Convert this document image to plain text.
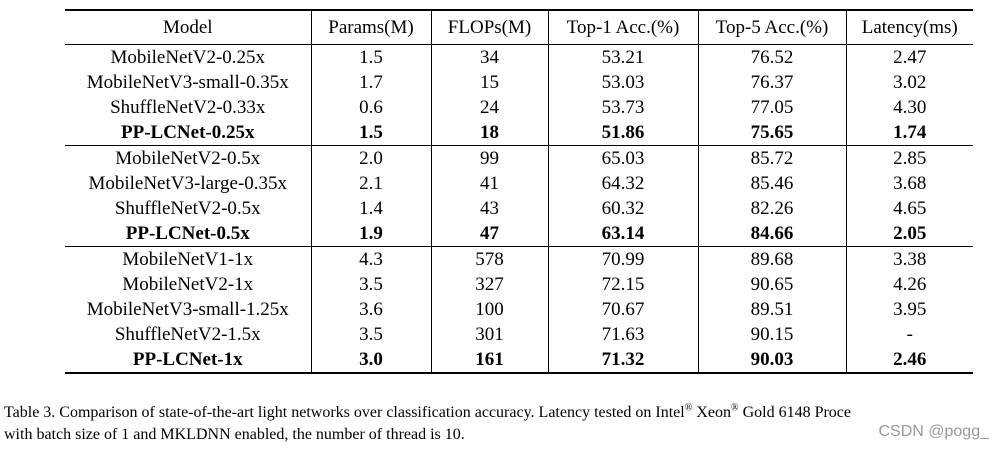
Model	Params(M)	FLOPs(M)	Top-1 Acc.(%)	Top-5 Acc.(%)	Latency(ms)
MobileNetV2-0.25x	1.5	34	53.21	76.52	2.47
MobileNetV3-small-0.35x	1.7	15	53.03	76.37	3.02
ShuffleNetV2-0.33x	0.6	24	53.73	77.05	4.30
PP-LCNet-0.25x	1.5	18	51.86	75.65	1.74
MobileNetV2-0.5x	2.0	99	65.03	85.72	2.85
MobileNetV3-large-0.35x	2.1	41	64.32	85.46	3.68
ShuffleNetV2-0.5x	1.4	43	60.32	82.26	4.65
PP-LCNet-0.5x	1.9	47	63.14	84.66	2.05
MobileNetV1-1x	4.3	578	70.99	89.68	3.38
MobileNetV2-1x	3.5	327	72.15	90.65	4.26
MobileNetV3-small-1.25x	3.6	100	70.67	89.51	3.95
ShuffleNetV2-1.5x	3.5	301	71.63	90.15	-
PP-LCNet-1x	3.0	161	71.32	90.03	2.46
Table 3. Comparison of state-of-the-art light networks over classification accuracy. Latency tested on Intel® Xeon® Gold 6148 Proce
with batch size of 1 and MKLDNN enabled, the number of thread is 10.	CSDN @pogg_
